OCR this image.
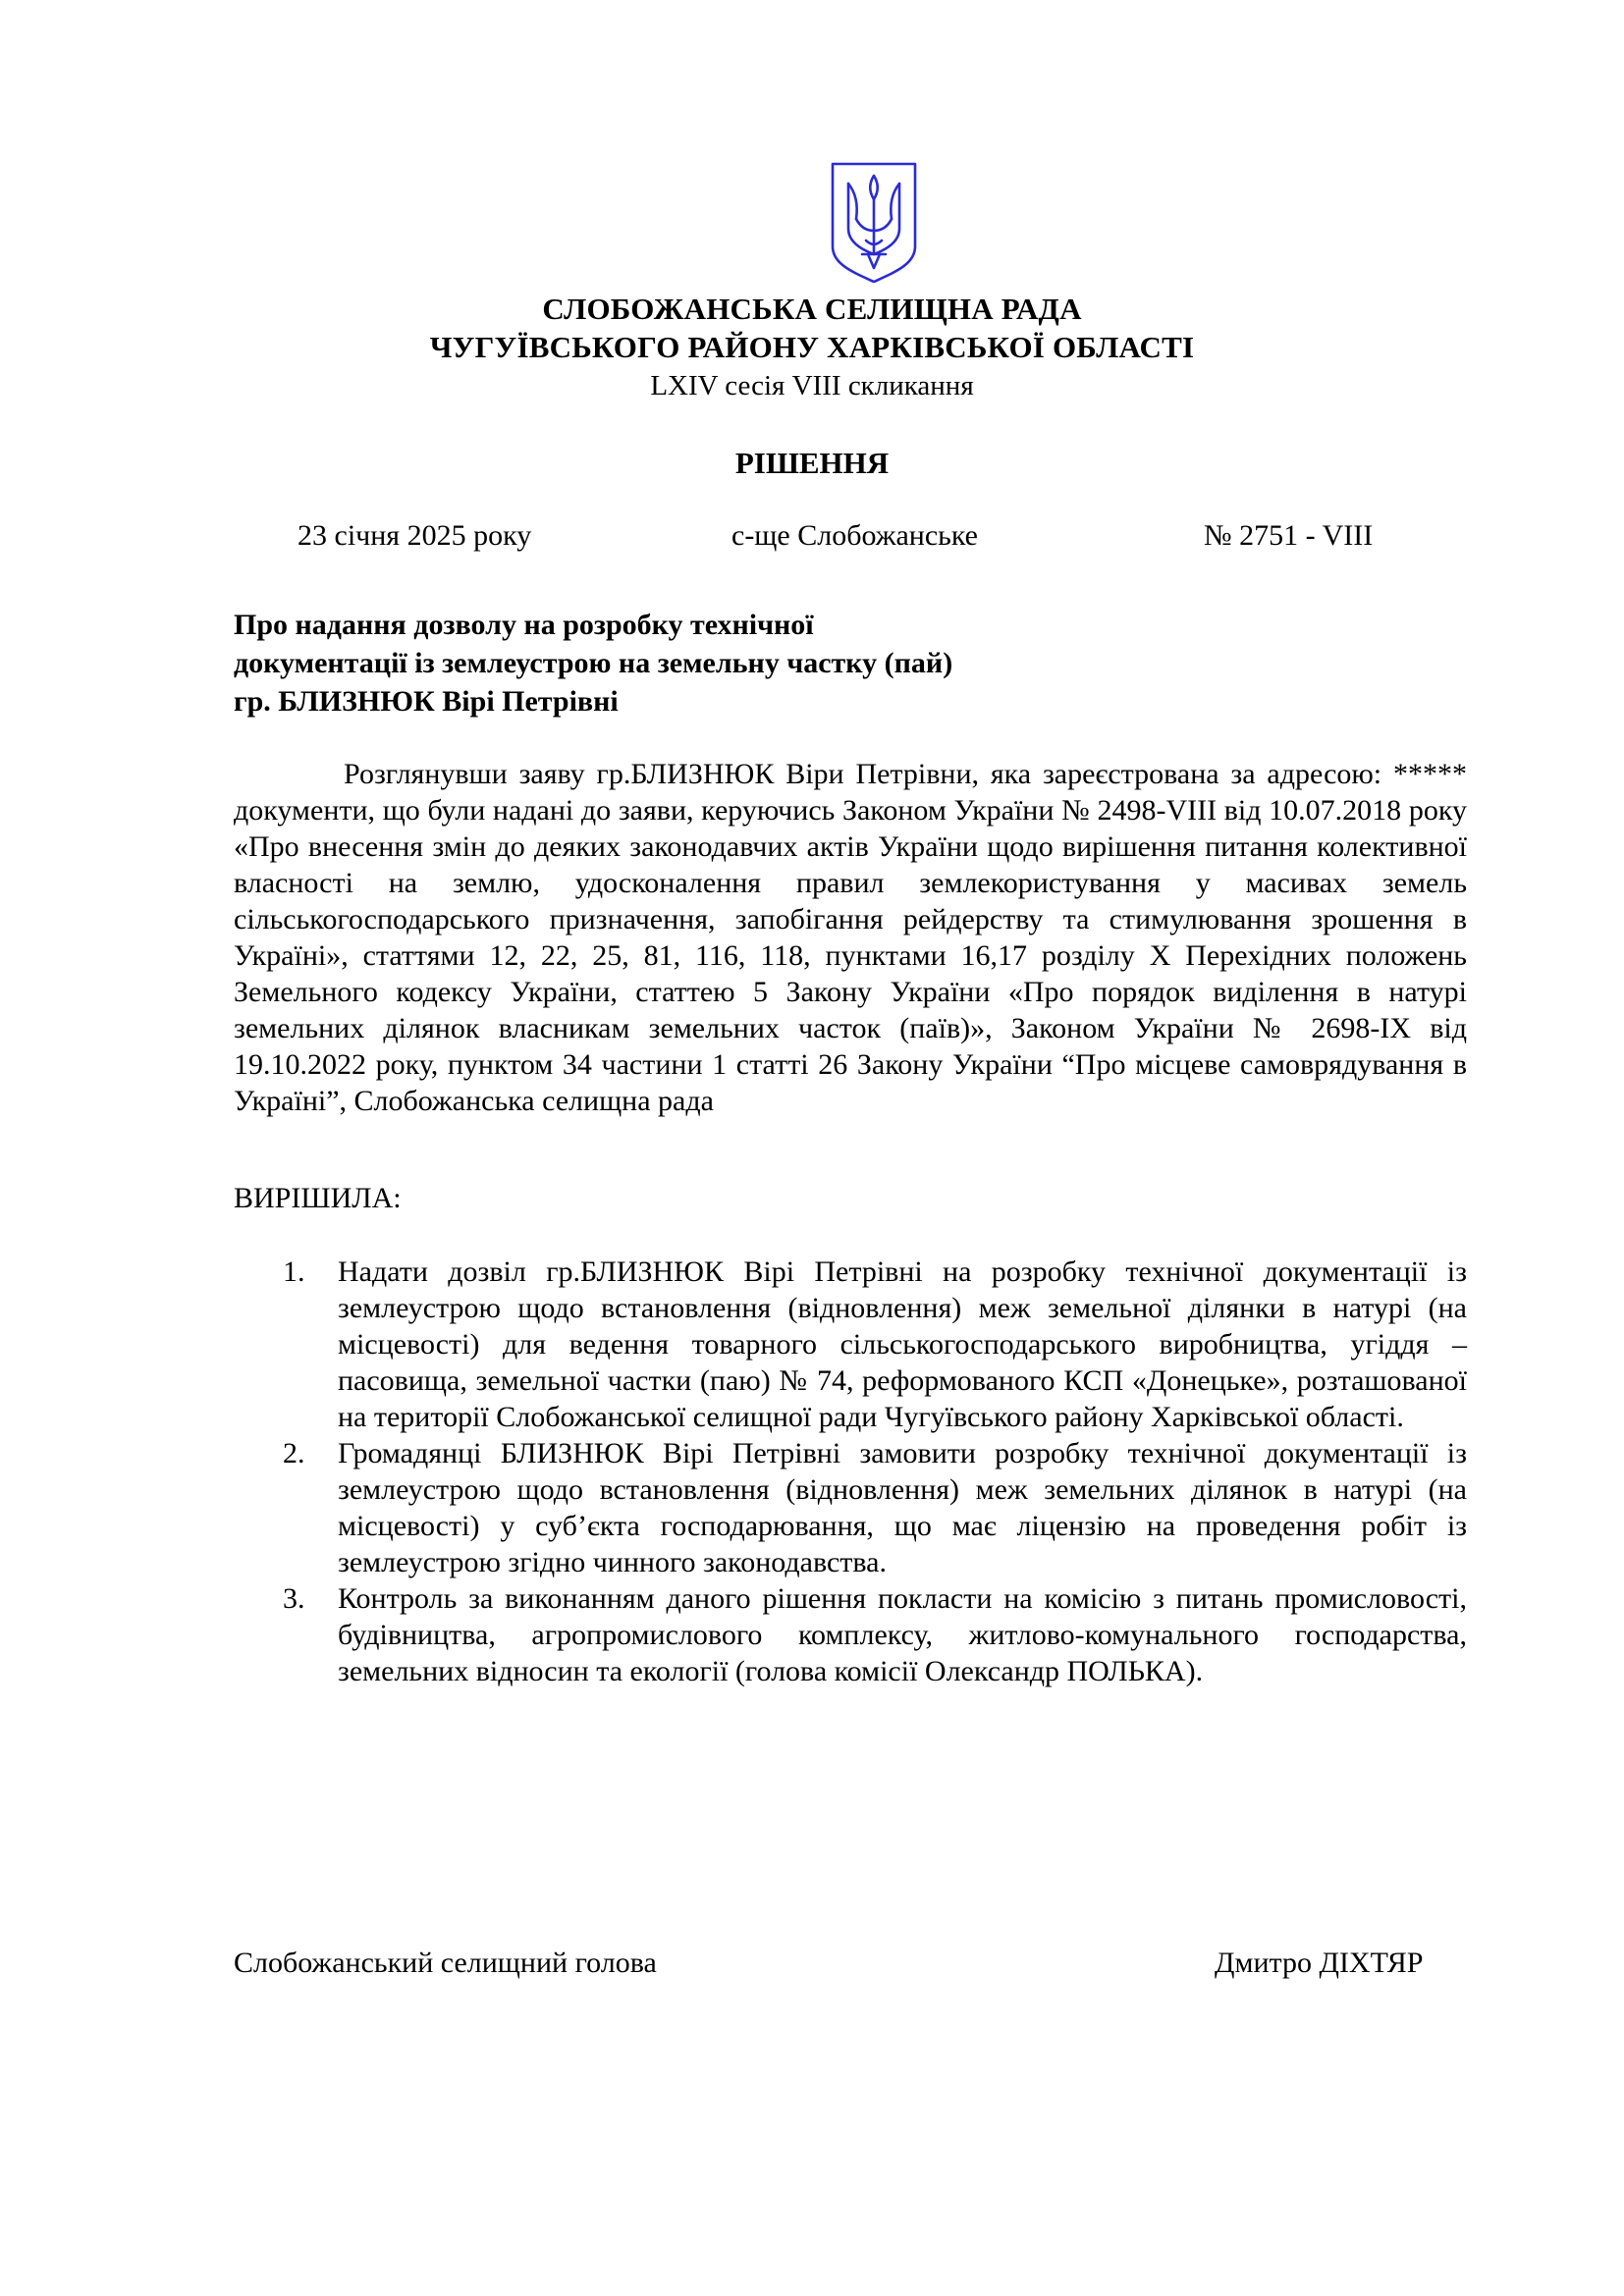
СЛОБОЖАНСЬКА СЕЛИЩНА РАДА
ЧУГУЇВСЬКОГО РАЙОНУ ХАРКІВСЬКОЇ ОБЛАСТІ
LXIV сесія VIII скликання
РІШЕННЯ
23 січня 2025 року	с-ще Слобожанське	№ 2751 - VIII
Про надання дозволу на розробку технічної
документації із землеустрою на земельну частку (пай)
гр. БЛИЗНЮК Вірі Петрівні

Розглянувши заяву гр.БЛИЗНЮК Віри Петрівни, яка зареєстрована за адресою: ***** документи, що були надані до заяви, керуючись Законом України № 2498-VIII від 10.07.2018 року «Про внесення змін до деяких законодавчих актів України щодо вирішення питання колективної власності на землю, удосконалення правил землекористування у масивах земель сільськогосподарського призначення, запобігання рейдерству та стимулювання зрошення в Україні», статтями 12, 22, 25, 81, 116, 118, пунктами 16,17 розділу Х Перехідних положень Земельного кодексу України, статтею 5 Закону України «Про порядок виділення в натурі земельних ділянок власникам земельних часток (паїв)», Законом України № 2698-ІХ від 19.10.2022 року, пунктом 34 частини 1 статті 26 Закону України “Про місцеве самоврядування в Україні”, Слобожанська селищна рада

ВИРІШИЛА:
1. Надати дозвіл гр.БЛИЗНЮК Вірі Петрівні на розробку технічної документації із землеустрою щодо встановлення (відновлення) меж земельної ділянки в натурі (на місцевості) для ведення товарного сільськогосподарського виробництва, угіддя – пасовища, земельної частки (паю) № 74, реформованого КСП «Донецьке», розташованої на території Слобожанської селищної ради Чугуївського району Харківської області.
2. Громадянці БЛИЗНЮК Вірі Петрівні замовити розробку технічної документації із землеустрою щодо встановлення (відновлення) меж земельних ділянок в натурі (на місцевості) у суб’єкта господарювання, що має ліцензію на проведення робіт із землеустрою згідно чинного законодавства.
3. Контроль за виконанням даного рішення покласти на комісію з питань промисловості, будівництва, агропромислового комплексу, житлово-комунального господарства, земельних відносин та екології (голова комісії Олександр ПОЛЬКА).
Слобожанський селищний голова	Дмитро ДІХТЯР
